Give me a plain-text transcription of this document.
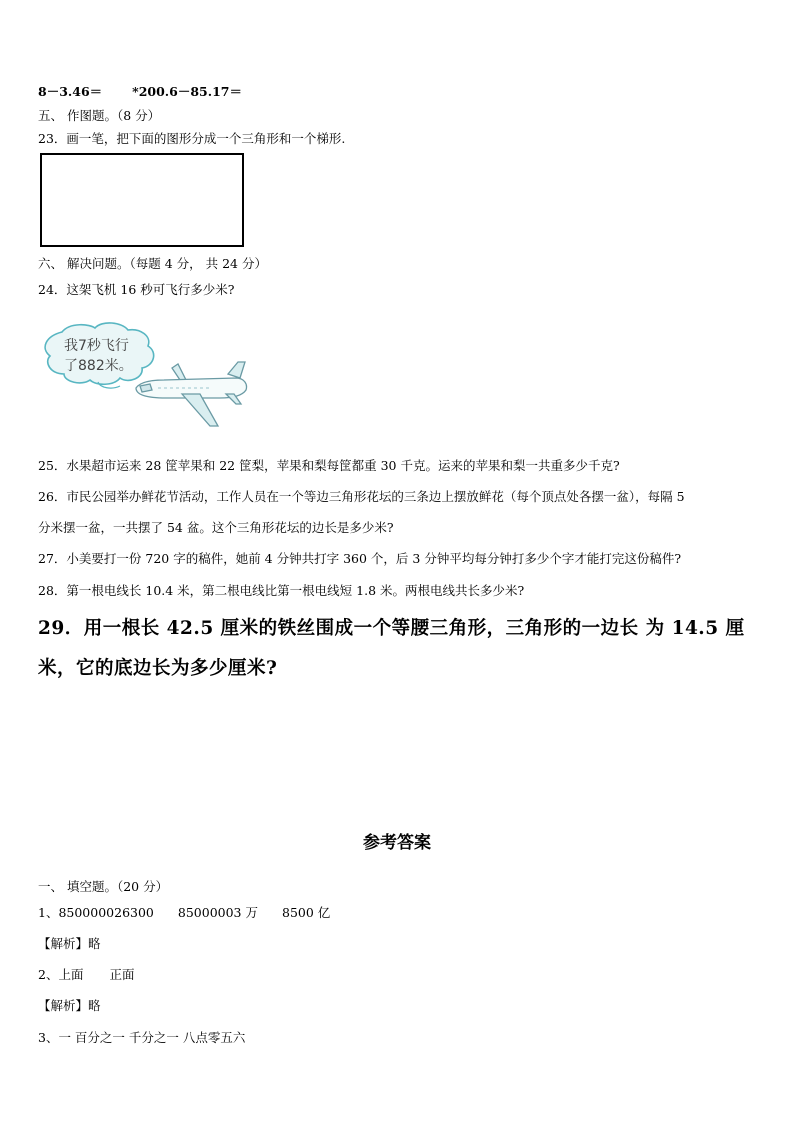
8－3.46＝ *200.6－85.17＝
五、 作图题。（8 分）
23．画一笔，把下面的图形分成一个三角形和一个梯形.
六、 解决问题。（每题 4 分， 共 24 分）
24．这架飞机 16 秒可飞行多少米?
我7秒飞行
了882米。
25．水果超市运来 28 筐苹果和 22 筐梨，苹果和梨每筐都重 30 千克。运来的苹果和梨一共重多少千克?
26．市民公园举办鲜花节活动，工作人员在一个等边三角形花坛的三条边上摆放鲜花（每个顶点处各摆一盆），每隔 5
分米摆一盆，一共摆了 54 盆。这个三角形花坛的边长是多少米?
27．小美要打一份 720 字的稿件，她前 4 分钟共打字 360 个，后 3 分钟平均每分钟打多少个字才能打完这份稿件?
28．第一根电线长 10.4 米，第二根电线比第一根电线短 1.8 米。两根电线共长多少米?
29．用一根长 42.5 厘米的铁丝围成一个等腰三角形，三角形的一边长 为 14.5 厘
米，它的底边长为多少厘米?
参考答案
一、 填空题。（20 分）
1、850000026300 85000003 万 8500 亿
【解析】略
2、上面 正面
【解析】略
3、一 百分之一 千分之一 八点零五六
